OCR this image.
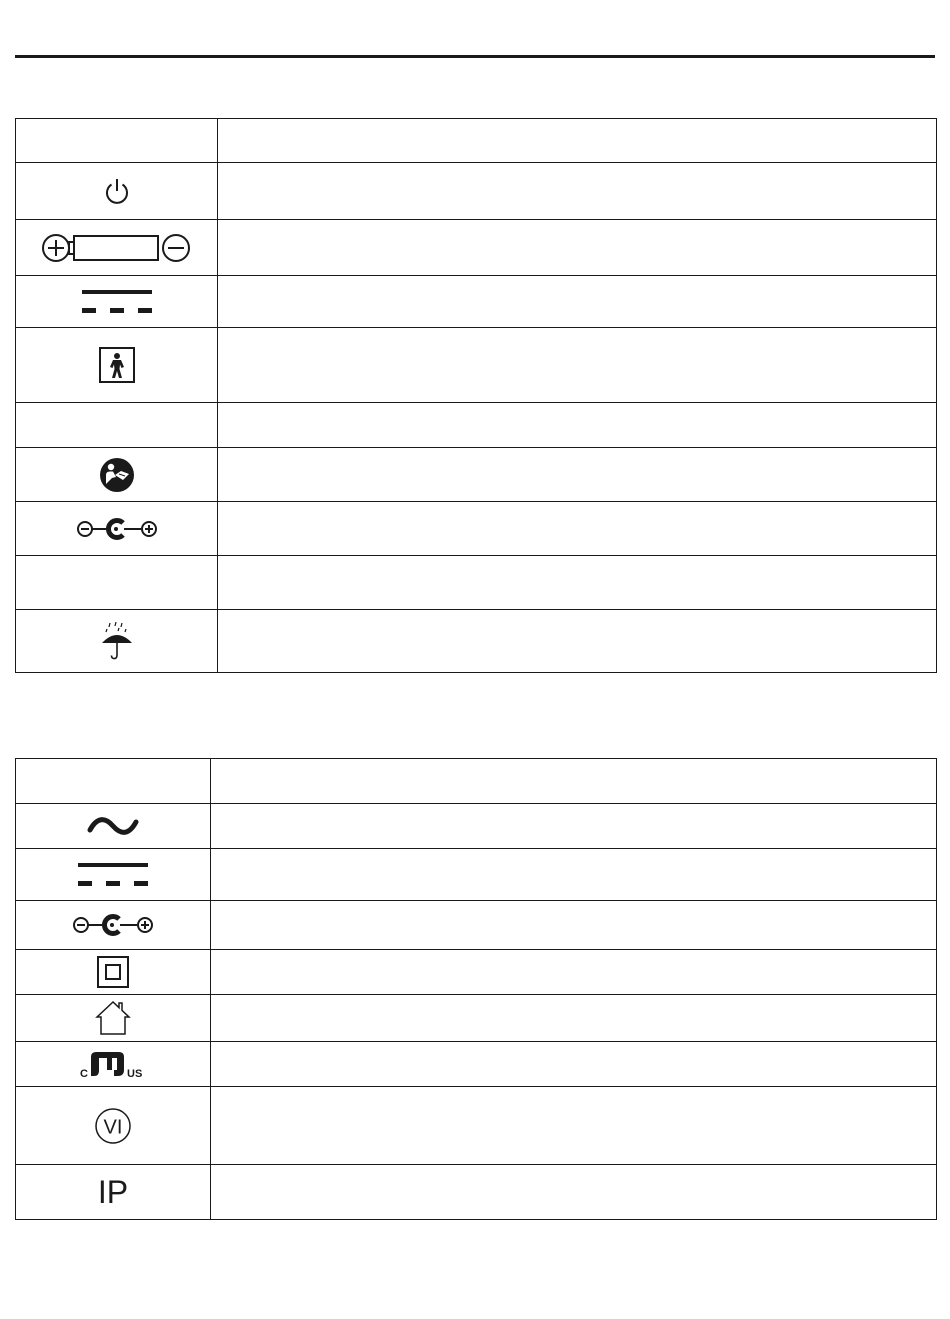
C US	

VI	

IP	
